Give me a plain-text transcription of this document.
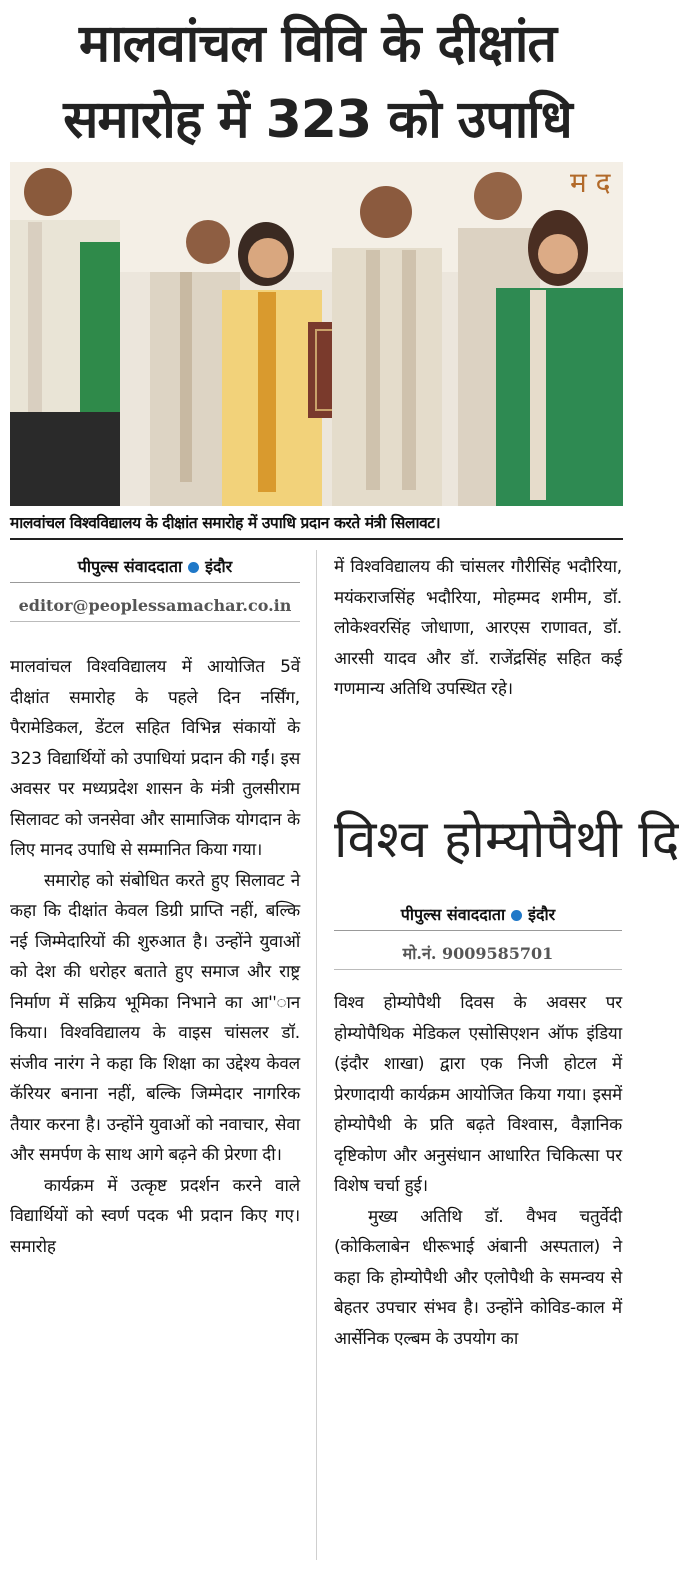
मालवांचल विवि के दीक्षांत
समारोह में 323 को उपाधि
म द
मालवांचल विश्वविद्यालय के दीक्षांत समारोह में उपाधि प्रदान करते मंत्री सिलावट।
पीपुल्स संवाददाता इंदौर
editor@peoplessamachar.co.in

मालवांचल विश्वविद्यालय में आयोजित 5वें दीक्षांत समारोह के पहले दिन नर्सिंग, पैरामेडिकल, डेंटल सहित विभिन्न संकायों के 323 विद्यार्थियों को उपाधियां प्रदान की गईं। इस अवसर पर मध्यप्रदेश शासन के मंत्री तुलसीराम सिलावट को जनसेवा और सामाजिक योगदान के लिए मानद उपाधि से सम्मानित किया गया।

समारोह को संबोधित करते हुए सिलावट ने कहा कि दीक्षांत केवल डिग्री प्राप्ति नहीं, बल्कि नई जिम्मेदारियों की शुरुआत है। उन्होंने युवाओं को देश की धरोहर बताते हुए समाज और राष्ट्र निर्माण में सक्रिय भूमिका निभाने का आ''ान किया। विश्वविद्यालय के वाइस चांसलर डॉ. संजीव नारंग ने कहा कि शिक्षा का उद्देश्य केवल कॅरियर बनाना नहीं, बल्कि जिम्मेदार नागरिक तैयार करना है। उन्होंने युवाओं को नवाचार, सेवा और समर्पण के साथ आगे बढ़ने की प्रेरणा दी।

कार्यक्रम में उत्कृष्ट प्रदर्शन करने वाले विद्यार्थियों को स्वर्ण पदक भी प्रदान किए गए। समारोह

में विश्वविद्यालय की चांसलर गौरीसिंह भदौरिया, मयंकराजसिंह भदौरिया, मोहम्मद शमीम, डॉ. लोकेश्वरसिंह जोधाणा, आरएस राणावत, डॉ. आरसी यादव और डॉ. राजेंद्रसिंह सहित कई गणमान्य अतिथि उपस्थित रहे।

विश्व होम्योपैथी दि
पीपुल्स संवाददाता इंदौर
मो.नं. 9009585701

विश्व होम्योपैथी दिवस के अवसर पर होम्योपैथिक मेडिकल एसोसिएशन ऑफ इंडिया (इंदौर शाखा) द्वारा एक निजी होटल में प्रेरणादायी कार्यक्रम आयोजित किया गया। इसमें होम्योपैथी के प्रति बढ़ते विश्वास, वैज्ञानिक दृष्टिकोण और अनुसंधान आधारित चिकित्सा पर विशेष चर्चा हुई।

मुख्य अतिथि डॉ. वैभव चतुर्वेदी (कोकिलाबेन धीरूभाई अंबानी अस्पताल) ने कहा कि होम्योपैथी और एलोपैथी के समन्वय से बेहतर उपचार संभव है। उन्होंने कोविड-काल में आर्सेनिक एल्बम के उपयोग का
